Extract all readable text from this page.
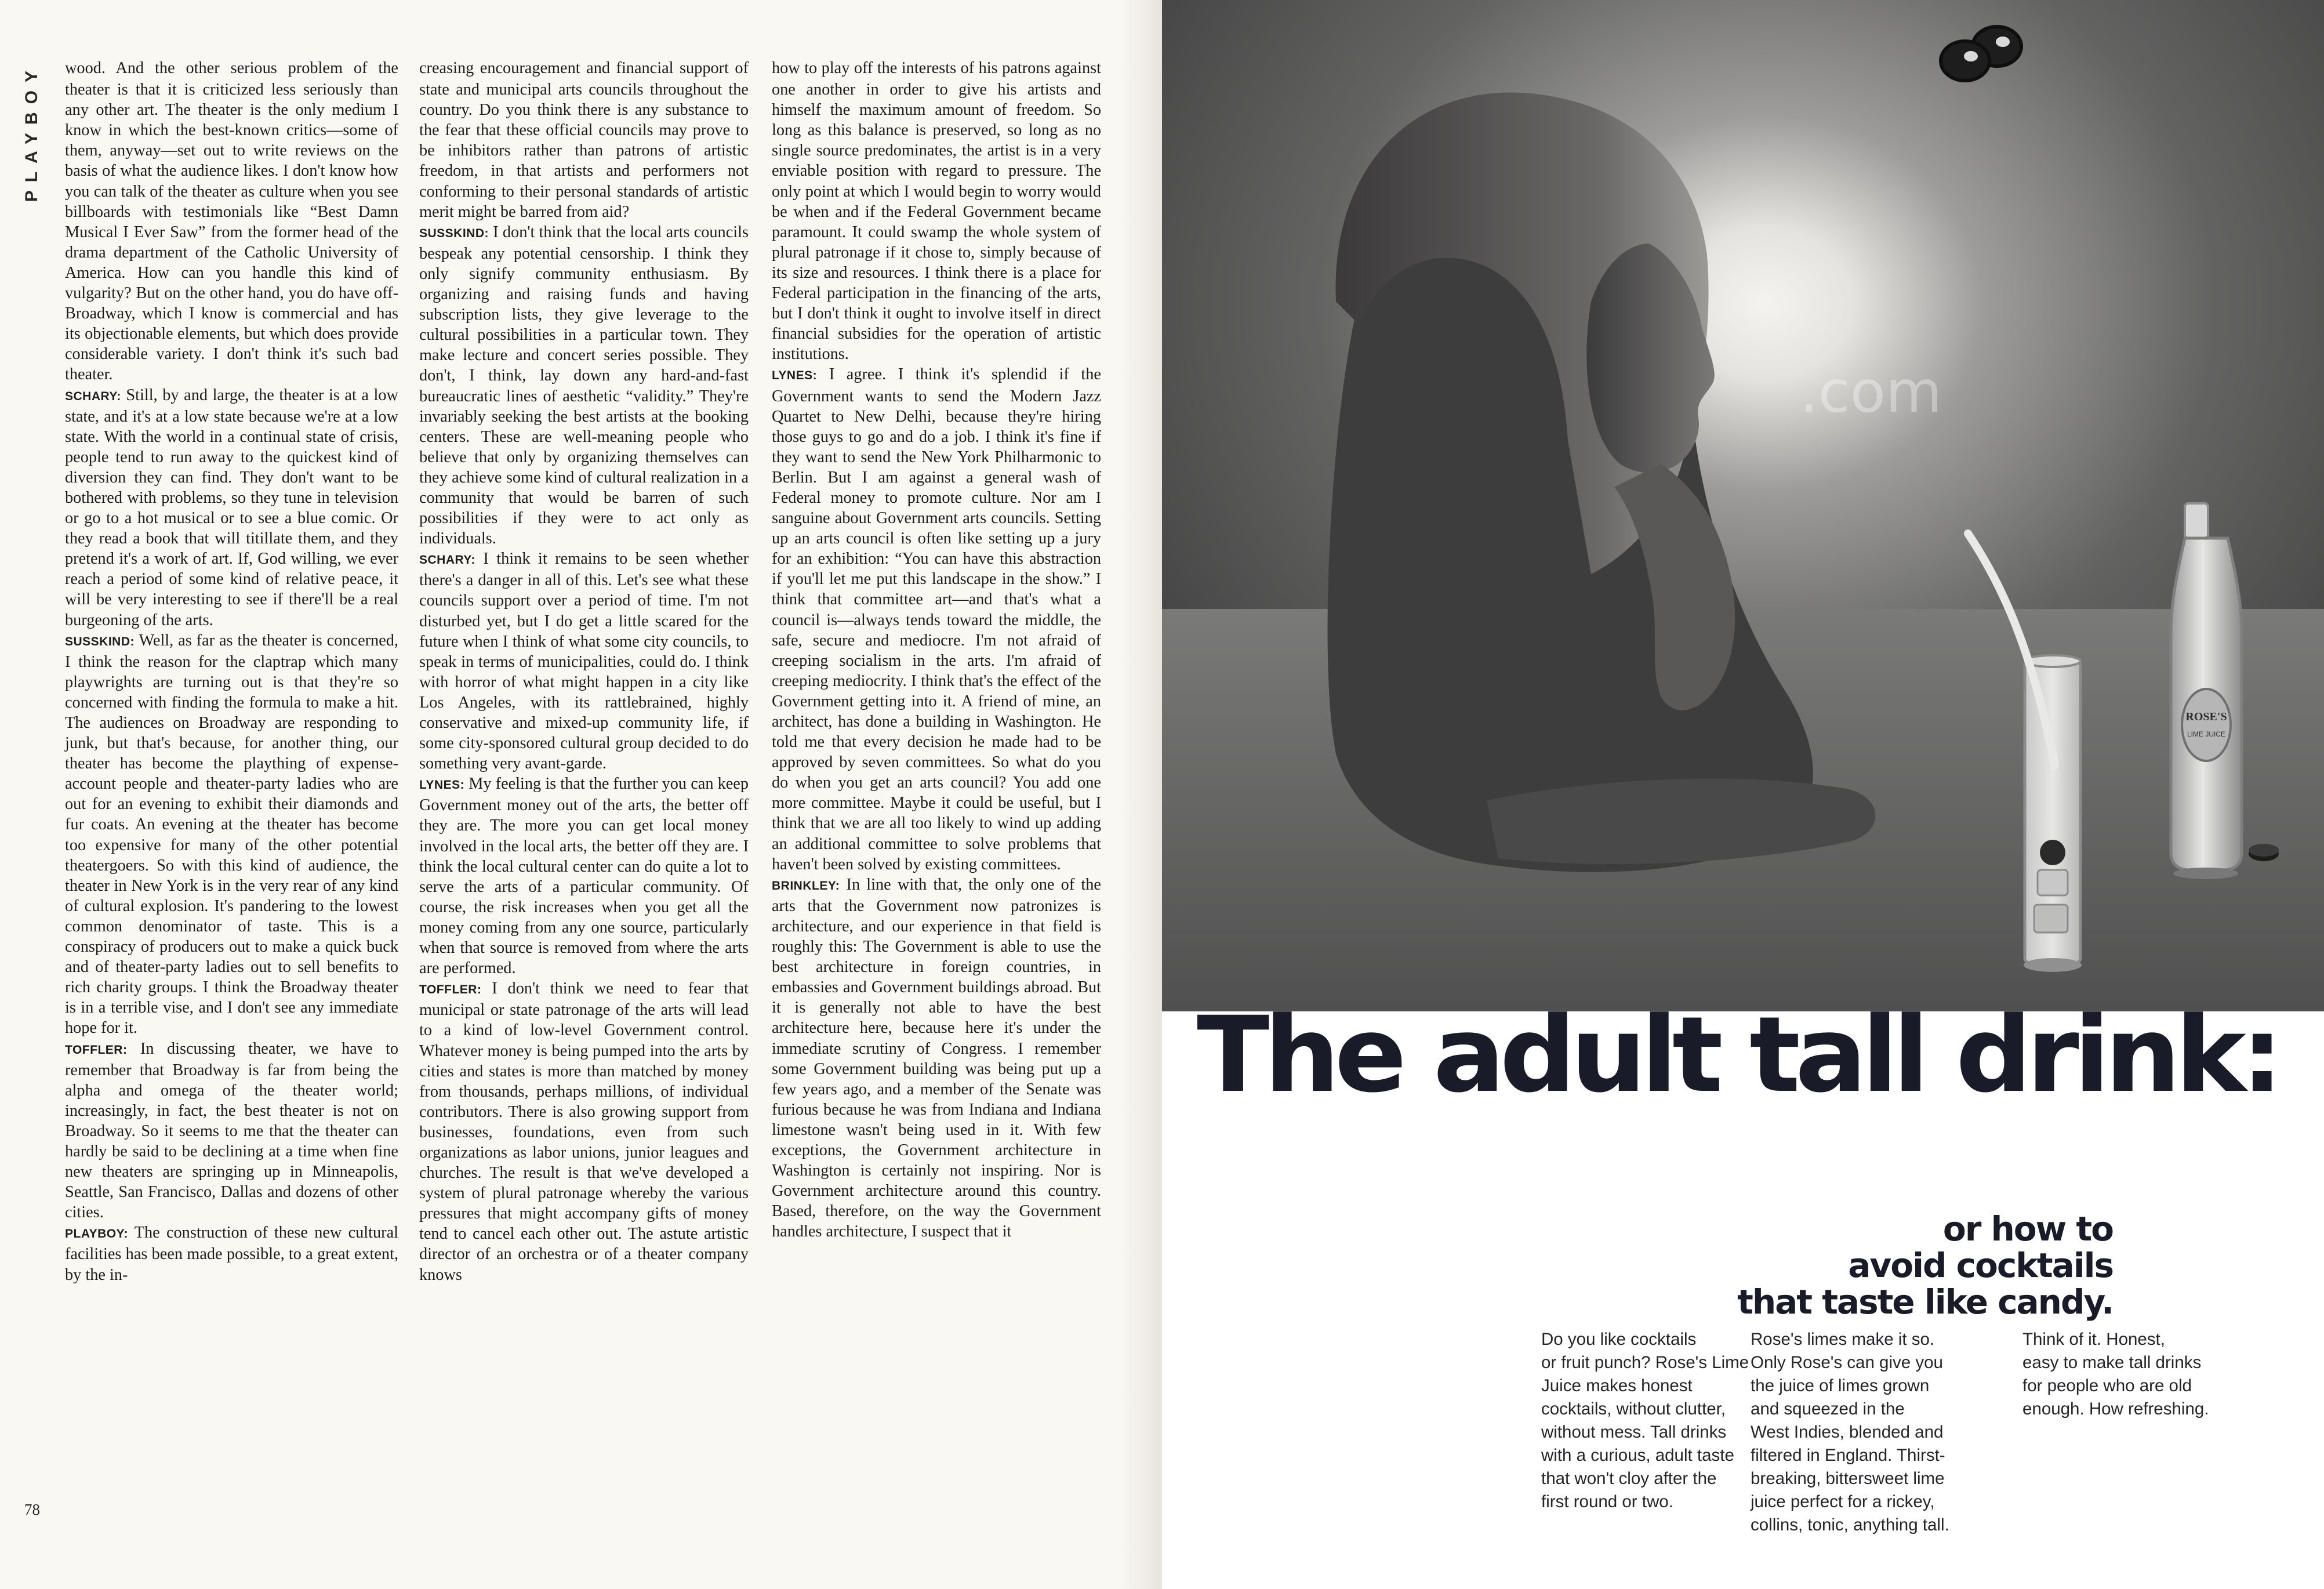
PLAYBOY wood. And the other serious problem of the theater is that it is criticized less seriously than any other art. The theater is the only medium I know in which the best-known critics—some of them, anyway—set out to write reviews on the basis of what the audience likes. I don't know how you can talk of the theater as culture when you see billboards with testimonials like “Best Damn Musical I Ever Saw” from the former head of the drama department of the Catholic University of America. How can you handle this kind of vulgarity? But on the other hand, you do have off-Broadway, which I know is commercial and has its objectionable elements, but which does provide considerable variety. I don't think it's such bad theater.

SCHARY: Still, by and large, the theater is at a low state, and it's at a low state because we're at a low state. With the world in a continual state of crisis, people tend to run away to the quickest kind of diversion they can find. They don't want to be bothered with problems, so they tune in television or go to a hot musical or to see a blue comic. Or they read a book that will titillate them, and they pretend it's a work of art. If, God willing, we ever reach a period of some kind of relative peace, it will be very interesting to see if there'll be a real burgeoning of the arts.

SUSSKIND: Well, as far as the theater is concerned, I think the reason for the claptrap which many playwrights are turning out is that they're so concerned with finding the formula to make a hit. The audiences on Broadway are responding to junk, but that's because, for another thing, our theater has become the plaything of expense-account people and theater-party ladies who are out for an evening to exhibit their diamonds and fur coats. An evening at the theater has become too expensive for many of the other potential theatergoers. So with this kind of audience, the theater in New York is in the very rear of any kind of cultural explosion. It's pandering to the lowest common denominator of taste. This is a conspiracy of producers out to make a quick buck and of theater-party ladies out to sell benefits to rich charity groups. I think the Broadway theater is in a terrible vise, and I don't see any immediate hope for it.

TOFFLER: In discussing theater, we have to remember that Broadway is far from being the alpha and omega of the theater world; increasingly, in fact, the best theater is not on Broadway. So it seems to me that the theater can hardly be said to be declining at a time when fine new theaters are springing up in Minneapolis, Seattle, San Francisco, Dallas and dozens of other cities.

PLAYBOY: The construction of these new cultural facilities has been made possible, to a great extent, by the in-

creasing encouragement and financial support of state and municipal arts councils throughout the country. Do you think there is any substance to the fear that these official councils may prove to be inhibitors rather than patrons of artistic freedom, in that artists and performers not conforming to their personal standards of artistic merit might be barred from aid?

SUSSKIND: I don't think that the local arts councils bespeak any potential censorship. I think they only signify community enthusiasm. By organizing and raising funds and having subscription lists, they give leverage to the cultural possibilities in a particular town. They make lecture and concert series possible. They don't, I think, lay down any hard-and-fast bureaucratic lines of aesthetic “validity.” They're invariably seeking the best artists at the booking centers. These are well-meaning people who believe that only by organizing themselves can they achieve some kind of cultural realization in a community that would be barren of such possibilities if they were to act only as individuals.

SCHARY: I think it remains to be seen whether there's a danger in all of this. Let's see what these councils support over a period of time. I'm not disturbed yet, but I do get a little scared for the future when I think of what some city councils, to speak in terms of municipalities, could do. I think with horror of what might happen in a city like Los Angeles, with its rattlebrained, highly conservative and mixed-up community life, if some city-sponsored cultural group decided to do something very avant-garde.

LYNES: My feeling is that the further you can keep Government money out of the arts, the better off they are. The more you can get local money involved in the local arts, the better off they are. I think the local cultural center can do quite a lot to serve the arts of a particular community. Of course, the risk increases when you get all the money coming from any one source, particularly when that source is removed from where the arts are performed.

TOFFLER: I don't think we need to fear that municipal or state patronage of the arts will lead to a kind of low-level Government control. Whatever money is being pumped into the arts by cities and states is more than matched by money from thousands, perhaps millions, of individual contributors. There is also growing support from businesses, foundations, even from such organizations as labor unions, junior leagues and churches. The result is that we've developed a system of plural patronage whereby the various pressures that might accompany gifts of money tend to cancel each other out. The astute artistic director of an orchestra or of a theater company knows

how to play off the interests of his patrons against one another in order to give his artists and himself the maximum amount of freedom. So long as this balance is preserved, so long as no single source predominates, the artist is in a very enviable position with regard to pressure. The only point at which I would begin to worry would be when and if the Federal Government became paramount. It could swamp the whole system of plural patronage if it chose to, simply because of its size and resources. I think there is a place for Federal participation in the financing of the arts, but I don't think it ought to involve itself in direct financial subsidies for the operation of artistic institutions.

LYNES: I agree. I think it's splendid if the Government wants to send the Modern Jazz Quartet to New Delhi, because they're hiring those guys to go and do a job. I think it's fine if they want to send the New York Philharmonic to Berlin. But I am against a general wash of Federal money to promote culture. Nor am I sanguine about Government arts councils. Setting up an arts council is often like setting up a jury for an exhibition: “You can have this abstraction if you'll let me put this landscape in the show.” I think that committee art—and that's what a council is—always tends toward the middle, the safe, secure and mediocre. I'm not afraid of creeping socialism in the arts. I'm afraid of creeping mediocrity. I think that's the effect of the Government getting into it. A friend of mine, an architect, has done a building in Washington. He told me that every decision he made had to be approved by seven committees. So what do you do when you get an arts council? You add one more committee. Maybe it could be useful, but I think that we are all too likely to wind up adding an additional committee to solve problems that haven't been solved by existing committees.

BRINKLEY: In line with that, the only one of the arts that the Government now patronizes is architecture, and our experience in that field is roughly this: The Government is able to use the best architecture in foreign countries, in embassies and Government buildings abroad. But it is generally not able to have the best architecture here, because here it's under the immediate scrutiny of Congress. I remember some Government building was being put up a few years ago, and a member of the Senate was furious because he was from Indiana and Indiana limestone wasn't being used in it. With few exceptions, the Government architecture in Washington is certainly not inspiring. Nor is Government architecture around this country. Based, therefore, on the way the Government handles architecture, I suspect that it

78
ROSE'S
LIME JUICE
.com
The adult tall drink:

or how to

avoid cocktails

that taste like candy.

Do you like cocktails

or fruit punch? Rose's Lime

Juice makes honest

cocktails, without clutter,

without mess. Tall drinks

with a curious, adult taste

that won't cloy after the

first round or two.

Rose's limes make it so.

Only Rose's can give you

the juice of limes grown

and squeezed in the

West Indies, blended and

filtered in England. Thirst-

breaking, bittersweet lime

juice perfect for a rickey,

collins, tonic, anything tall.

Think of it. Honest,

easy to make tall drinks

for people who are old

enough. How refreshing.
